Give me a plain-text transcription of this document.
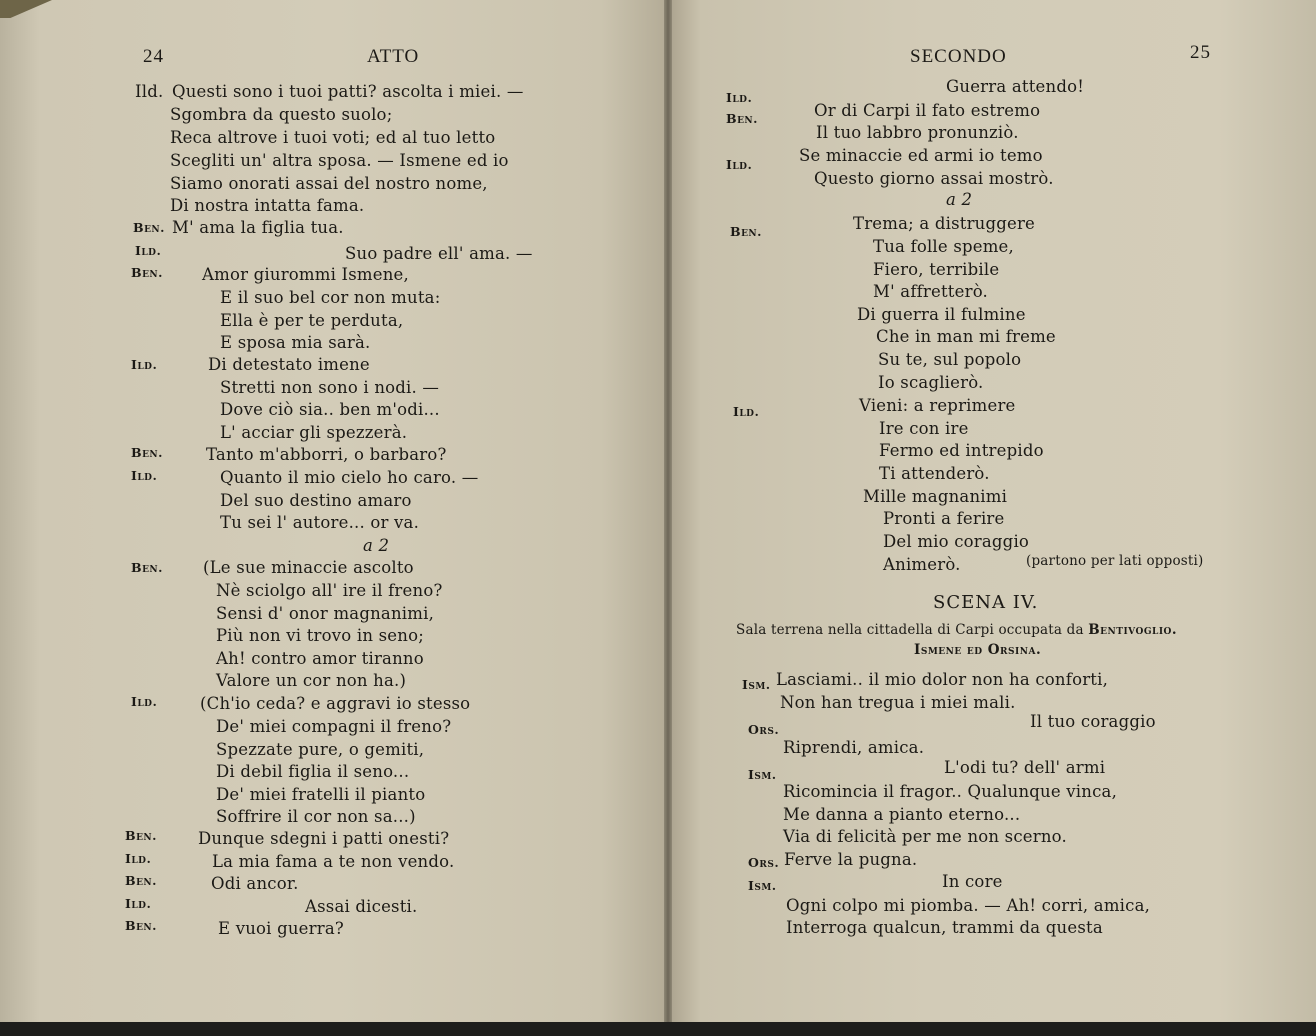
24	ATTO
Ild. Questi sono i tuoi patti? ascolta i miei. —
Sgombra da questo suolo;
Reca altrove i tuoi voti; ed al tuo letto
Scegliti un' altra sposa. — Ismene ed io
Siamo onorati assai del nostro nome,
Di nostra intatta fama.
Ben. M' ama la figlia tua.
Ild.	Suo padre ell' ama. —
Ben. Amor giurommi Ismene,
E il suo bel cor non muta:
Ella è per te perduta,
E sposa mia sarà.
Ild.	Di detestato imene
Stretti non sono i nodi. —
Dove ciò sia.. ben m'odi...
L' acciar gli spezzerà.
Ben.	Tanto m'abborri, o barbaro?
Ild.	Quanto il mio cielo ho caro. —
Del suo destino amaro
Tu sei l' autore... or va.
a 2
Ben. (Le sue minaccie ascolto
Nè sciolgo all' ire il freno?
Sensi d' onor magnanimi,
Più non vi trovo in seno;
Ah! contro amor tiranno
Valore un cor non ha.)
Ild.	(Ch'io ceda? e aggravi io stesso
De' miei compagni il freno?
Spezzate pure, o gemiti,
Di debil figlia il seno...
De' miei fratelli il pianto
Soffrire il cor non sa...)
Ben. Dunque sdegni i patti onesti?
Ild.	La mia fama a te non vendo.
Ben.	Odi ancor.
Ild.	Assai dicesti.
Ben.	E vuoi guerra?
SECONDO	25
Ild.
Guerra attendo!
Ben.	Or di Carpi il fato estremo
Il tuo labbro pronunziò.
Ild.	Se minaccie ed armi io temo
Questo giorno assai mostrò.
a 2
Ben.	Trema; a distruggere
Tua folle speme,
Fiero, terribile
M' affretterò.
Di guerra il fulmine
Che in man mi freme
Su te, sul popolo
Io scaglierò.
Ild.	Vieni: a reprimere
Ire con ire
Fermo ed intrepido
Ti attenderò.
Mille magnanimi
Pronti a ferire
Del mio coraggio
Animerò.	(partono per lati opposti)
SCENA IV.
Sala terrena nella cittadella di Carpi occupata da Bentivoglio.
Ismene ed Orsina.
Ism. Lasciami.. il mio dolor non ha conforti,
Non han tregua i miei mali.
Ors.	Il tuo coraggio
Riprendi, amica.
Ism.	L'odi tu? dell' armi
Ricomincia il fragor.. Qualunque vinca,
Me danna a pianto eterno...
Via di felicità per me non scerno.
Ors. Ferve la pugna.
Ism.	In core
Ogni colpo mi piomba. — Ah! corri, amica,
Interroga qualcun, trammi da questa
